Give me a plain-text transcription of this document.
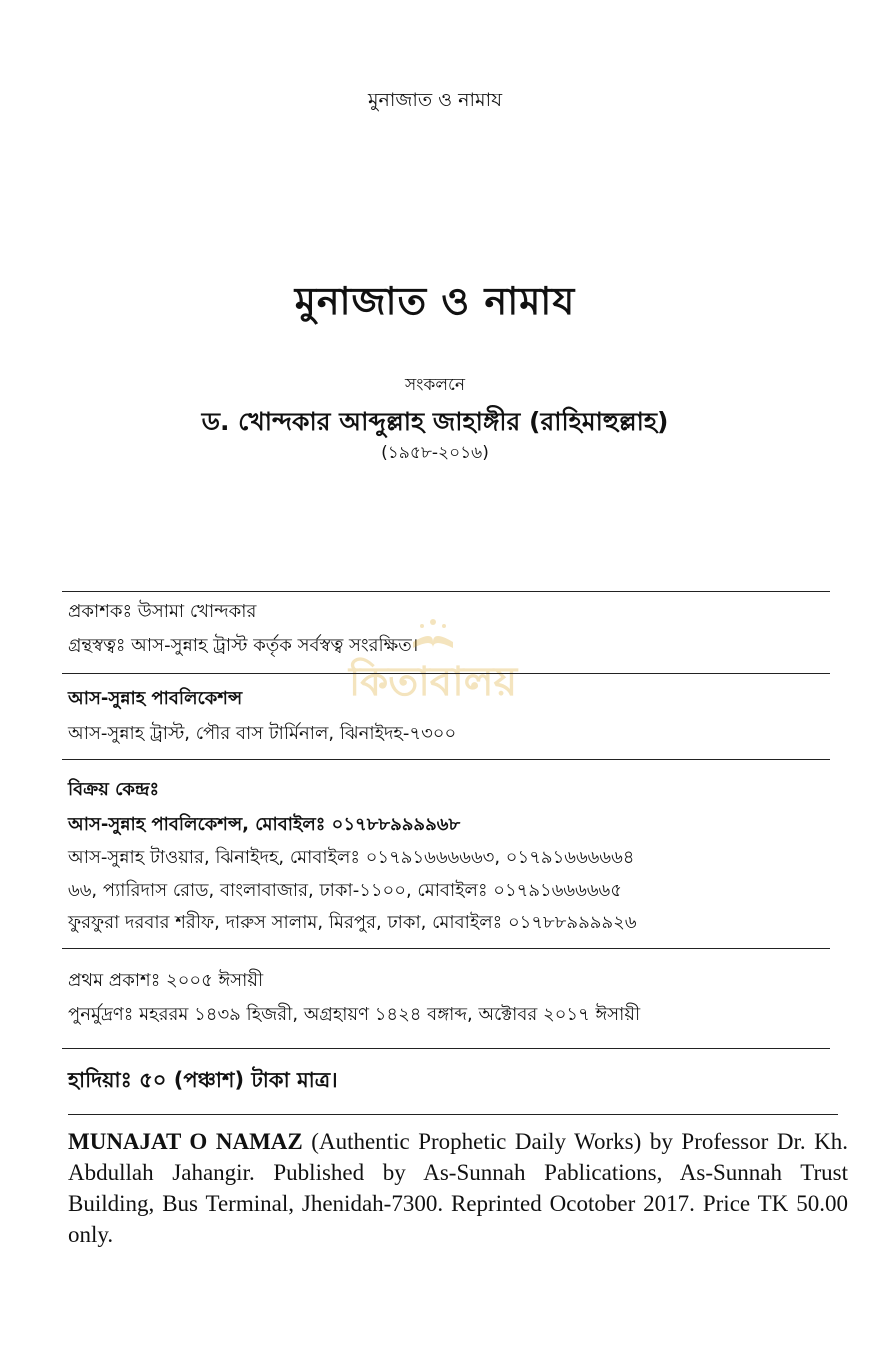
মুনাজাত ও নামায
মুনাজাত ও নামায
সংকলনে
ড. খোন্দকার আব্দুল্লাহ জাহাঙ্গীর (রাহিমাহুল্লাহ)
(১৯৫৮-২০১৬)
প্রকাশকঃ উসামা খোন্দকার
গ্রন্থস্বত্বঃ আস-সুন্নাহ ট্রাস্ট কর্তৃক সর্বস্বত্ব সংরক্ষিত।
কিতাবালয়
আস-সুন্নাহ পাবলিকেশন্স
আস-সুন্নাহ ট্রাস্ট, পৌর বাস টার্মিনাল, ঝিনাইদহ-৭৩০০
বিক্রয় কেন্দ্রঃ
আস-সুন্নাহ পাবলিকেশন্স, মোবাইলঃ ০১৭৮৮৯৯৯৯৬৮
আস-সুন্নাহ টাওয়ার, ঝিনাইদহ, মোবাইলঃ ০১৭৯১৬৬৬৬৬৩, ০১৭৯১৬৬৬৬৬৪
৬৬, প্যারিদাস রোড, বাংলাবাজার, ঢাকা-১১০০, মোবাইলঃ ০১৭৯১৬৬৬৬৬৫
ফুরফুরা দরবার শরীফ, দারুস সালাম, মিরপুর, ঢাকা, মোবাইলঃ ০১৭৮৮৯৯৯৯২৬
প্রথম প্রকাশঃ ২০০৫ ঈসায়ী
পুনর্মুদ্রণঃ মহররম ১৪৩৯ হিজরী, অগ্রহায়ণ ১৪২৪ বঙ্গাব্দ, অক্টোবর ২০১৭ ঈসায়ী
হাদিয়াঃ ৫০ (পঞ্চাশ) টাকা মাত্র।
MUNAJAT O NAMAZ (Authentic Prophetic Daily Works) by Professor Dr. Kh. Abdullah Jahangir. Published by As-Sunnah Pablications, As-Sunnah Trust Building, Bus Terminal, Jhenidah-7300. Reprinted Ocotober 2017. Price TK 50.00 only.
